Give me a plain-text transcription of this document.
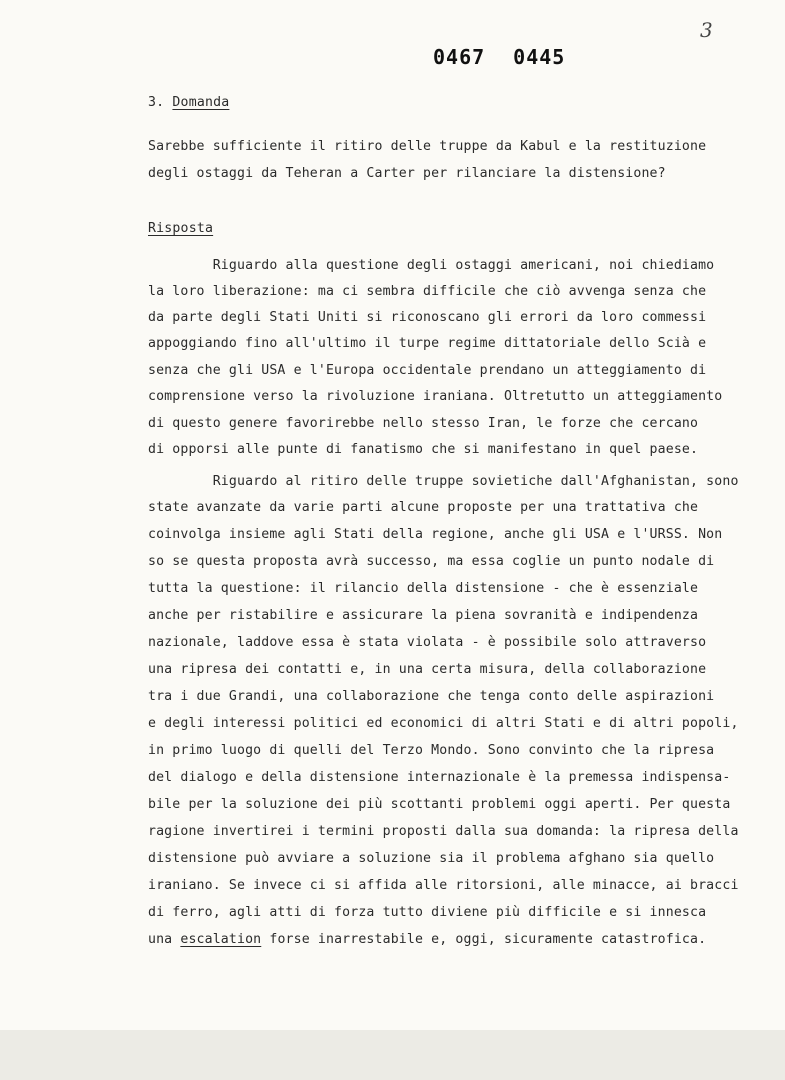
3
0467 0445
3. Domanda
Sarebbe sufficiente il ritiro delle truppe da Kabul e la restituzione
degli ostaggi da Teheran a Carter per rilanciare la distensione?
Risposta
Riguardo alla questione degli ostaggi americani, noi chiediamo
la loro liberazione: ma ci sembra difficile che ciò avvenga senza che
da parte degli Stati Uniti si riconoscano gli errori da loro commessi
appoggiando fino all'ultimo il turpe regime dittatoriale dello Scià e
senza che gli USA e l'Europa occidentale prendano un atteggiamento di
comprensione verso la rivoluzione iraniana. Oltretutto un atteggiamento
di questo genere favorirebbe nello stesso Iran, le forze che cercano
di opporsi alle punte di fanatismo che si manifestano in quel paese.
Riguardo al ritiro delle truppe sovietiche dall'Afghanistan, sono
state avanzate da varie parti alcune proposte per una trattativa che
coinvolga insieme agli Stati della regione, anche gli USA e l'URSS. Non
so se questa proposta avrà successo, ma essa coglie un punto nodale di
tutta la questione: il rilancio della distensione - che è essenziale
anche per ristabilire e assicurare la piena sovranità e indipendenza
nazionale, laddove essa è stata violata - è possibile solo attraverso
una ripresa dei contatti e, in una certa misura, della collaborazione
tra i due Grandi, una collaborazione che tenga conto delle aspirazioni
e degli interessi politici ed economici di altri Stati e di altri popoli,
in primo luogo di quelli del Terzo Mondo. Sono convinto che la ripresa
del dialogo e della distensione internazionale è la premessa indispensa-
bile per la soluzione dei più scottanti problemi oggi aperti. Per questa
ragione invertirei i termini proposti dalla sua domanda: la ripresa della
distensione può avviare a soluzione sia il problema afghano sia quello
iraniano. Se invece ci si affida alle ritorsioni, alle minacce, ai bracci
di ferro, agli atti di forza tutto diviene più difficile e si innesca
una escalation forse inarrestabile e, oggi, sicuramente catastrofica.
